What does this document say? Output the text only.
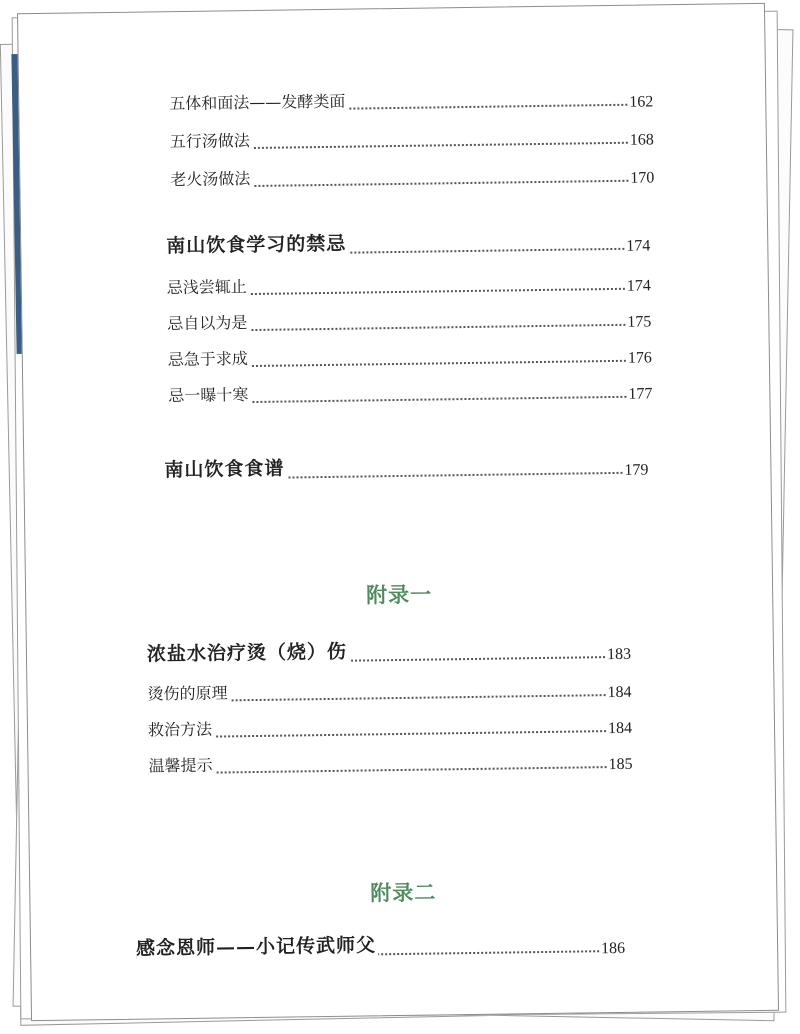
五体和面法——发酵类面	162
五行汤做法	168
老火汤做法	170
南山饮食学习的禁忌	174
忌浅尝辄止	174
忌自以为是	175
忌急于求成	176
忌一曝十寒	177
南山饮食食谱	179
附录一
浓盐水治疗烫（烧）伤	183
烫伤的原理	184
救治方法	184
温馨提示	185
附录二
感念恩师——小记传武师父	186
